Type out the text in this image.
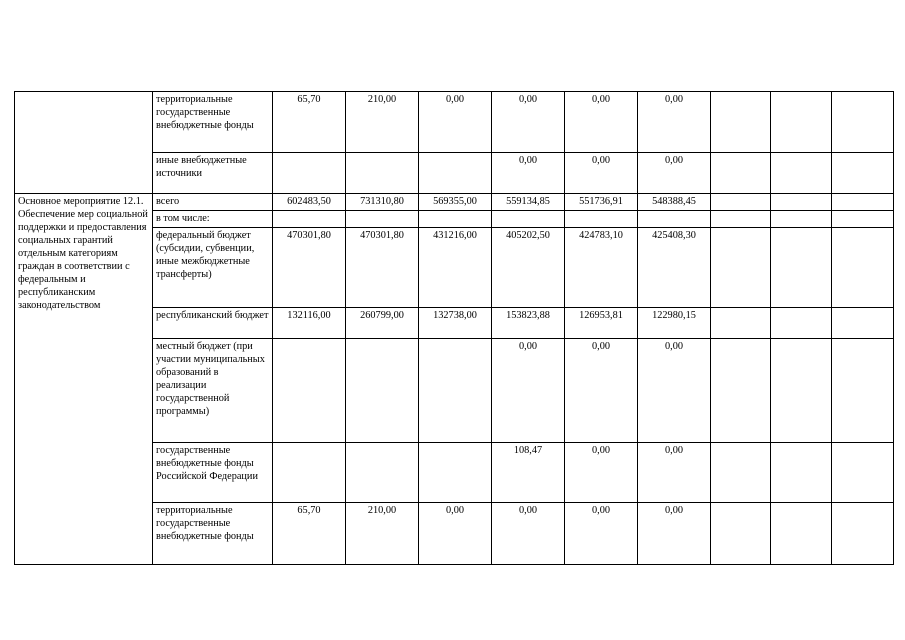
	территориальные государственные внебюджетные фонды	65,70	210,00	0,00	0,00	0,00	0,00			
	иные внебюджетные источники				0,00	0,00	0,00			
Основное мероприятие 12.1. Обеспечение мер социальной поддержки и предоставления социальных гарантий отдельным категориям граждан в соответствии с федеральным и республиканским законодательством	всего	602483,50	731310,80	569355,00	559134,85	551736,91	548388,45			
	в том числе:									
	федеральный бюджет (субсидии, субвенции, иные межбюджетные трансферты)	470301,80	470301,80	431216,00	405202,50	424783,10	425408,30			
	республиканский бюджет	132116,00	260799,00	132738,00	153823,88	126953,81	122980,15			
	местный бюджет (при участии муниципальных образований в реализации государственной программы)				0,00	0,00	0,00			
	государственные внебюджетные фонды Российской Федерации				108,47	0,00	0,00			
	территориальные государственные внебюджетные фонды	65,70	210,00	0,00	0,00	0,00	0,00			
